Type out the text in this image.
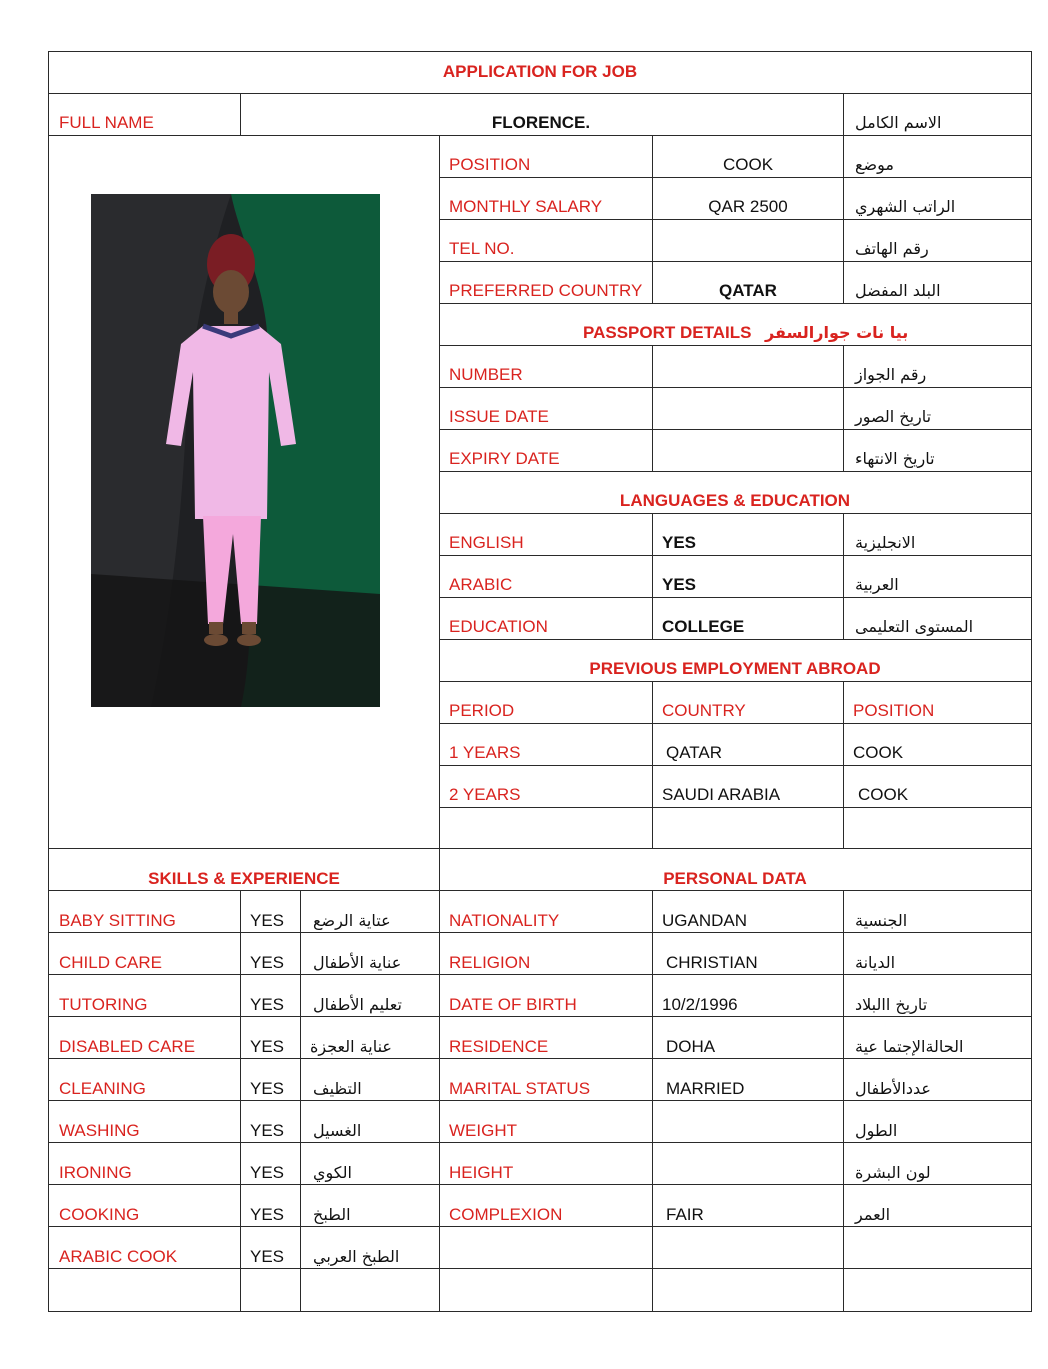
APPLICATION FOR JOB
FULL NAME	FLORENCE.	الاسم الكامل
POSITION	COOK	موضع
MONTHLY SALARY	QAR 2500	الراتب الشهري
TEL NO.	رقم الهاتف
PREFERRED COUNTRY	QATAR	البلد المفضل
PASSPORT DETAILS بيا نات جوارالسفر
NUMBER	رقم الجواز
ISSUE DATE	تاريخ الصور
EXPIRY DATE	تاريخ الانتهاء
LANGUAGES & EDUCATION
ENGLISH	YES	الانجليزية
ARABIC	YES	العربية
EDUCATION	COLLEGE	المستوى التعليمى
PREVIOUS EMPLOYMENT ABROAD
PERIOD	COUNTRY	POSITION
1 YEARS	QATAR	COOK
2 YEARS	SAUDI ARABIA	COOK
SKILLS & EXPERIENCE	PERSONAL DATA
BABY SITTING	YES عتاية الرضع
CHILD CARE	YES عناية الأطفال
TUTORING	YES تعليم الأطفال
DISABLED CARE	YES عناية العجزة
CLEANING	YES التظيف
WASHING	YES الغسيل
IRONING	YES الكوي
COOKING	YES الطبخ
ARABIC COOK	YES الطبخ العربي
NATIONALITY	UGANDAN	الجنسية
RELIGION	CHRISTIAN	الديانة
DATE OF BIRTH	10/2/1996	تاريخ االبلاد
RESIDENCE	DOHA	الحالةالإجتما عية
MARITAL STATUS	MARRIED	عددالأطفال
WEIGHT	الطول
HEIGHT	لون البشرة
COMPLEXION	FAIR	العمر
